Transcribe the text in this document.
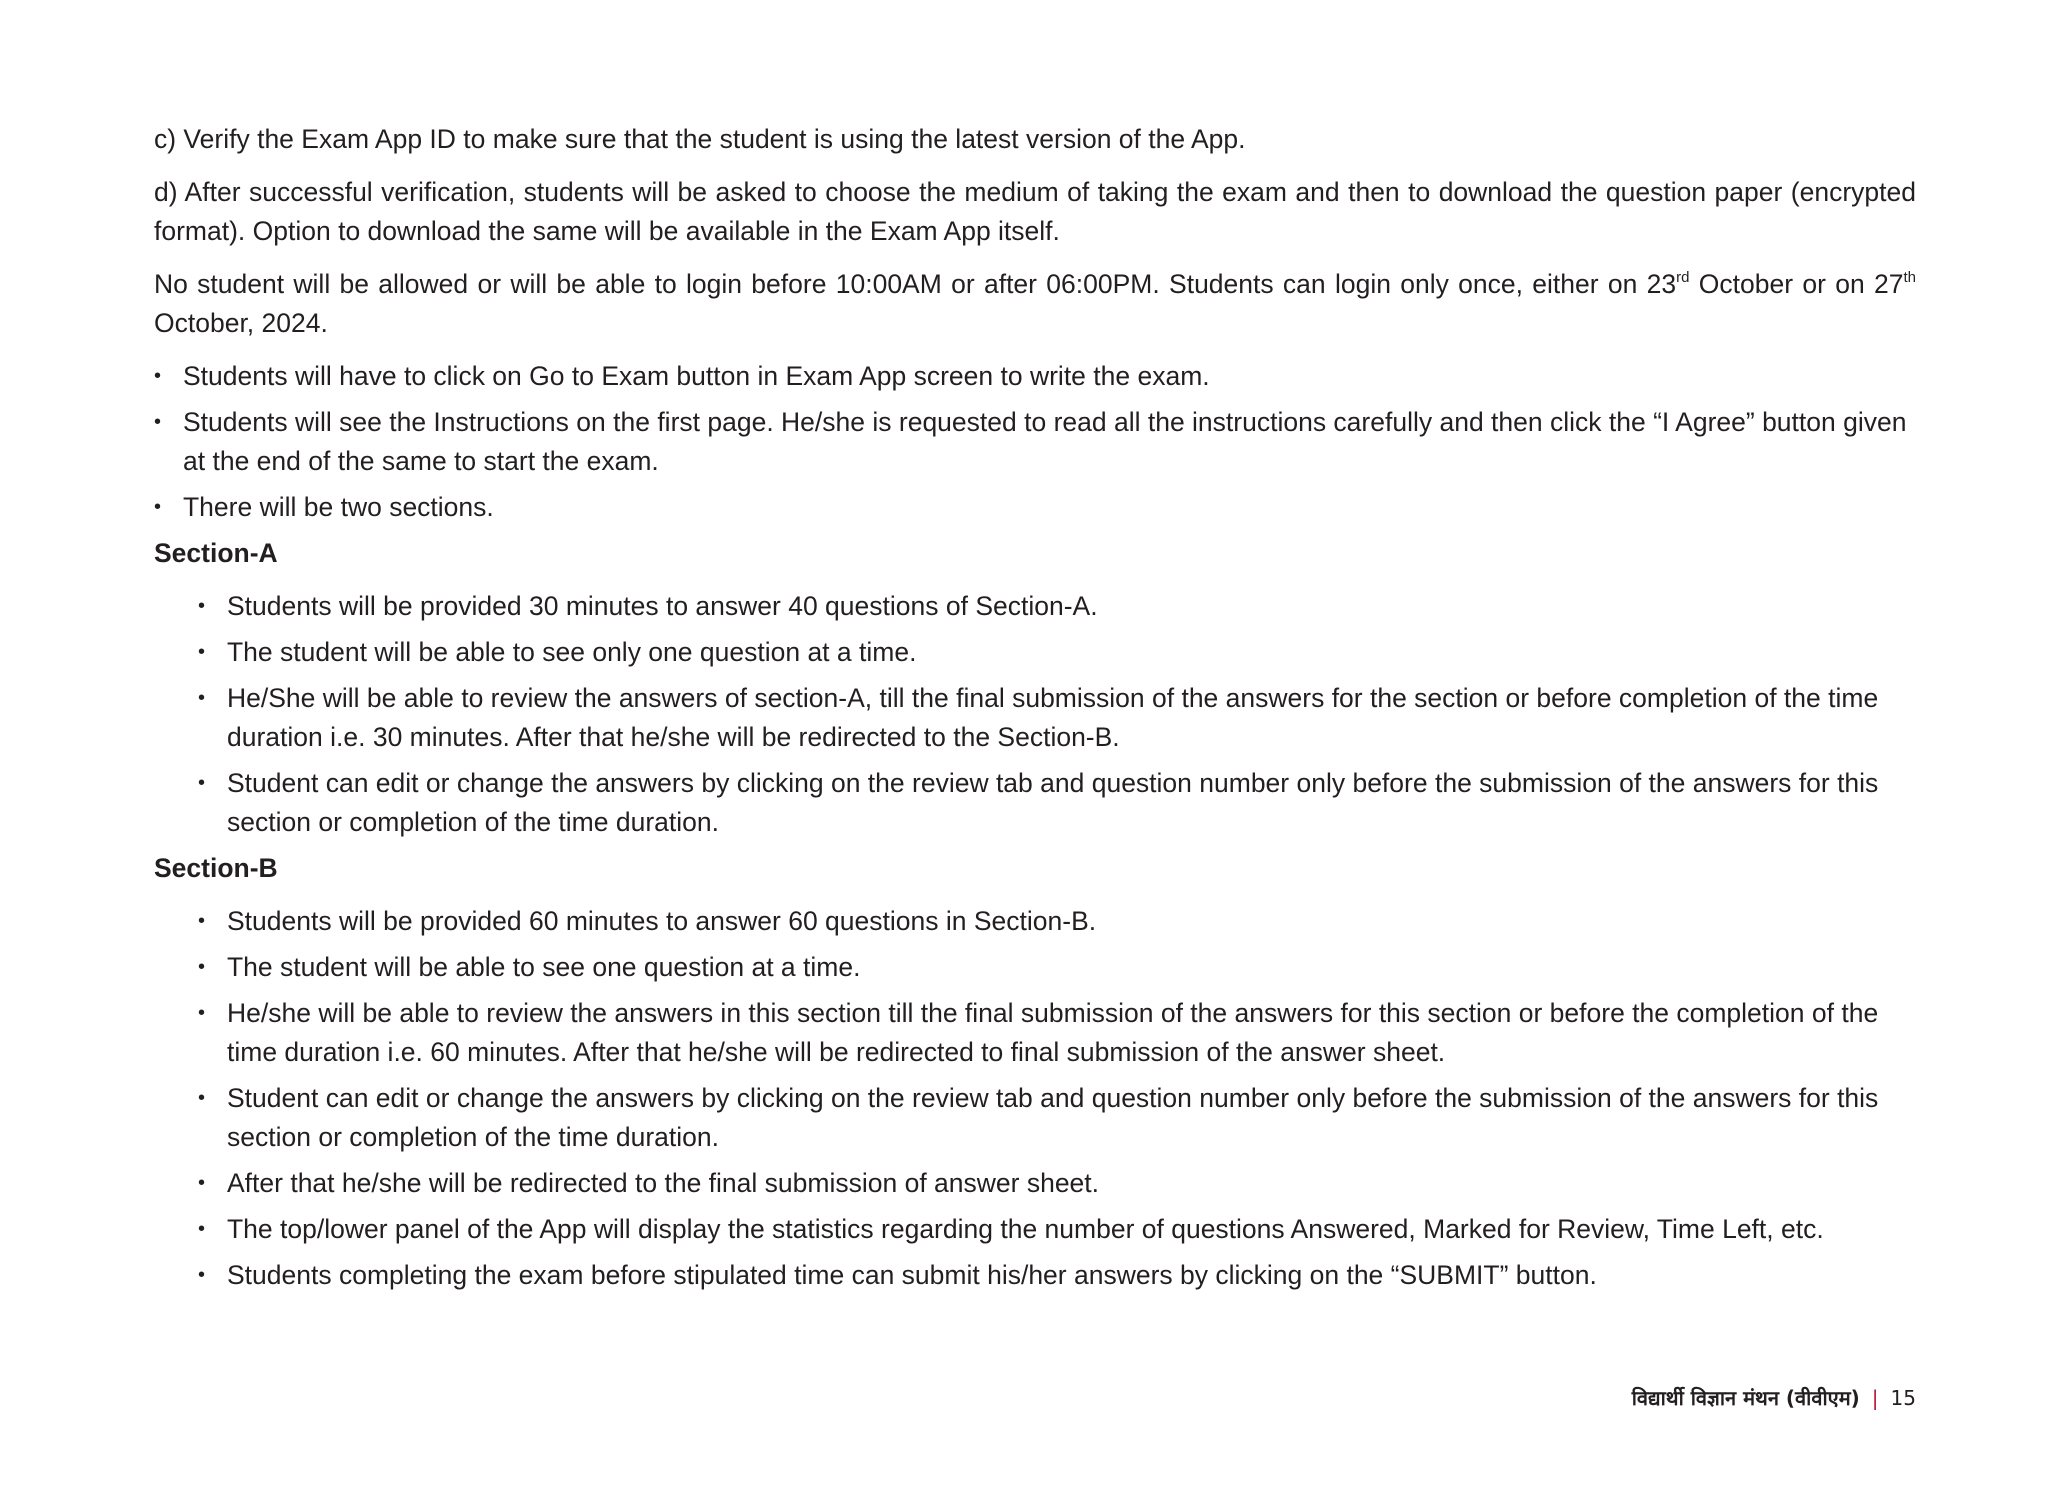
c) Verify the Exam App ID to make sure that the student is using the latest version of the App.

d) After successful verification, students will be asked to choose the medium of taking the exam and then to download the question paper (encrypted format). Option to download the same will be available in the Exam App itself.

No student will be allowed or will be able to login before 10:00AM or after 06:00PM. Students can login only once, either on 23rd October or on 27th October, 2024.

• Students will have to click on Go to Exam button in Exam App screen to write the exam.
• Students will see the Instructions on the first page. He/she is requested to read all the instructions carefully and then click the “I Agree” button given at the end of the same to start the exam.
• There will be two sections.
Section-A
• Students will be provided 30 minutes to answer 40 questions of Section-A.
• The student will be able to see only one question at a time.
• He/She will be able to review the answers of section-A, till the final submission of the answers for the section or before completion of the time duration i.e. 30 minutes. After that he/she will be redirected to the Section-B.
• Student can edit or change the answers by clicking on the review tab and question number only before the submission of the answers for this section or completion of the time duration.
Section-B
• Students will be provided 60 minutes to answer 60 questions in Section-B.
• The student will be able to see one question at a time.
• He/she will be able to review the answers in this section till the final submission of the answers for this section or before the completion of the time duration i.e. 60 minutes. After that he/she will be redirected to final submission of the answer sheet.
• Student can edit or change the answers by clicking on the review tab and question number only before the submission of the answers for this section or completion of the time duration.
• After that he/she will be redirected to the final submission of answer sheet.
• The top/lower panel of the App will display the statistics regarding the number of questions Answered, Marked for Review, Time Left, etc.
• Students completing the exam before stipulated time can submit his/her answers by clicking on the “SUBMIT” button.
विद्यार्थी विज्ञान मंथन (वीवीएम) | 15
